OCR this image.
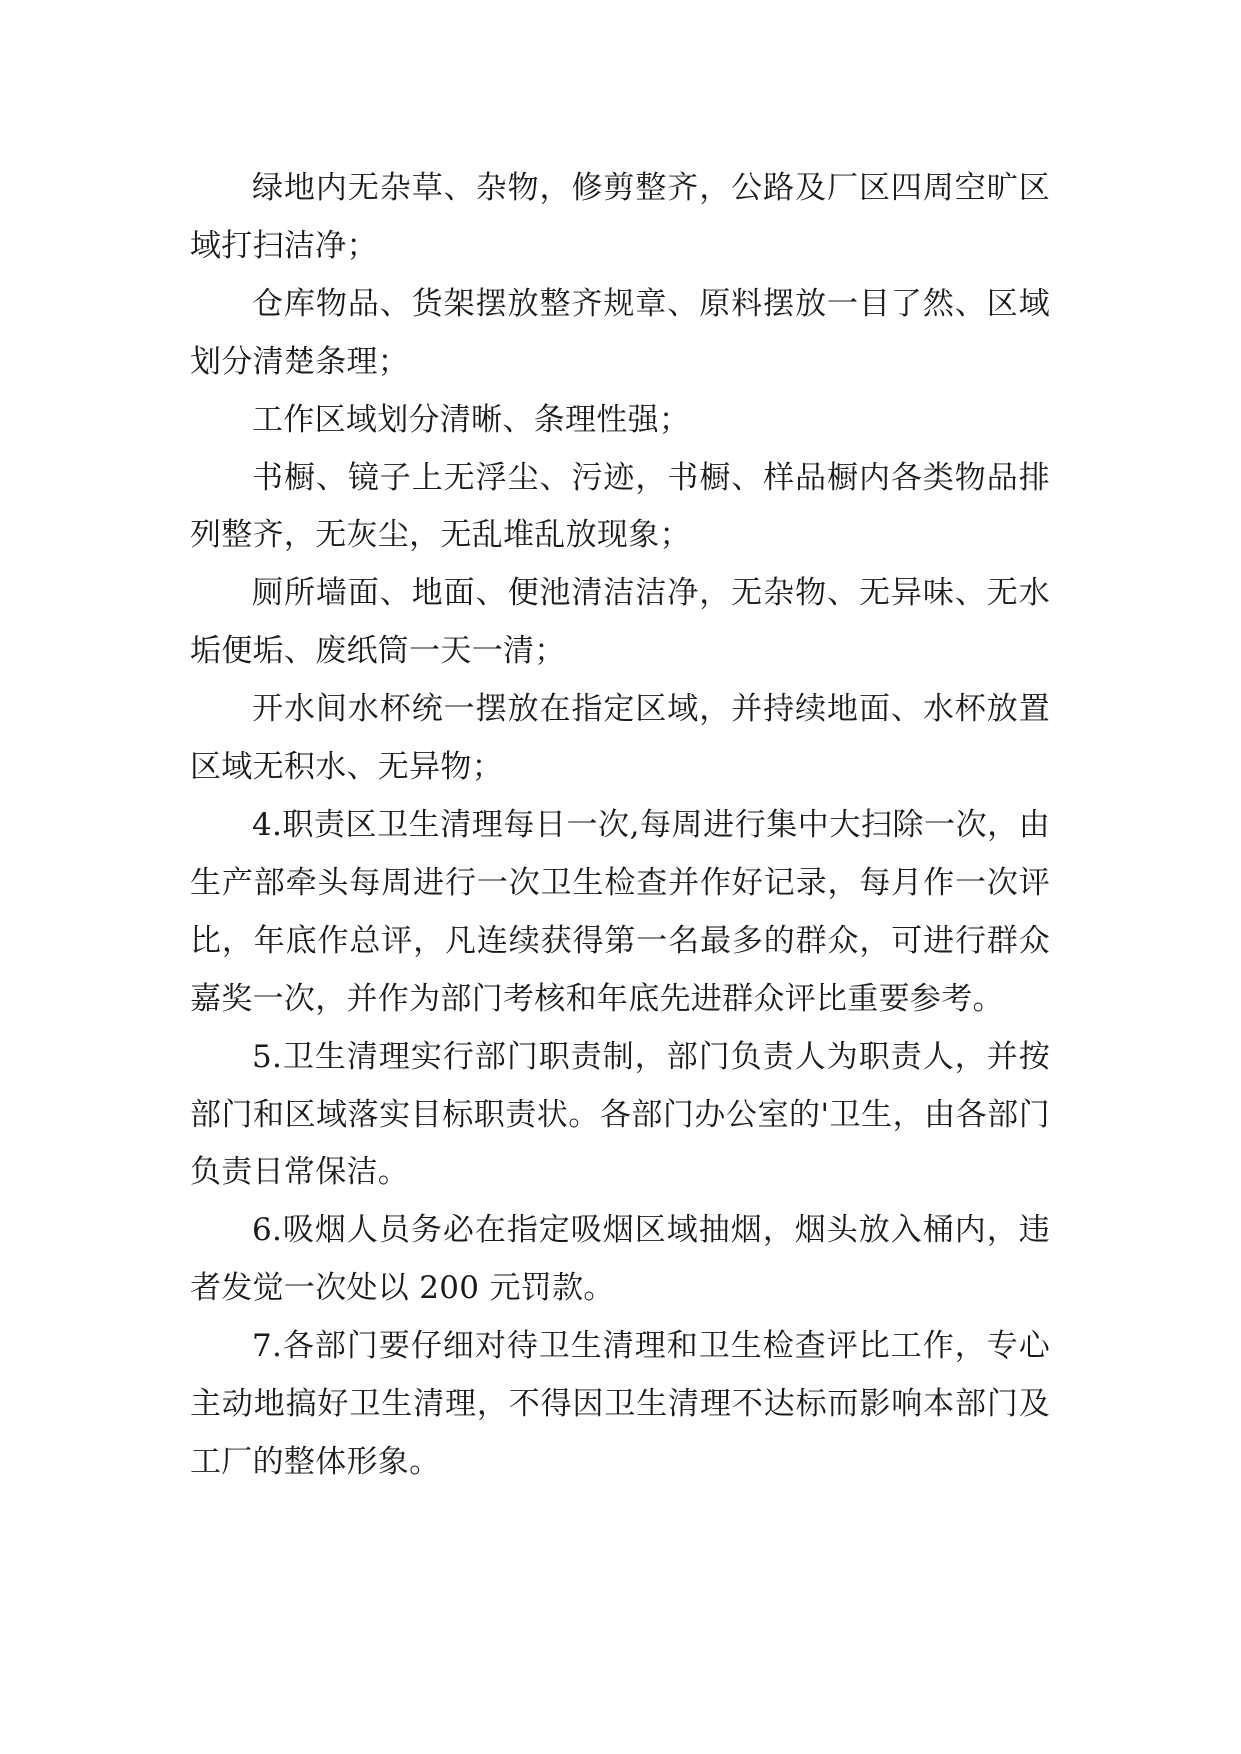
绿地内无杂草、杂物，修剪整齐，公路及厂区四周空旷区域打扫洁净；

仓库物品、货架摆放整齐规章、原料摆放一目了然、区域划分清楚条理；

工作区域划分清晰、条理性强；

书橱、镜子上无浮尘、污迹，书橱、样品橱内各类物品排列整齐，无灰尘，无乱堆乱放现象；

厕所墙面、地面、便池清洁洁净，无杂物、无异味、无水垢便垢、废纸筒一天一清；

开水间水杯统一摆放在指定区域，并持续地面、水杯放置区域无积水、无异物；

4.职责区卫生清理每日一次,每周进行集中大扫除一次，由生产部牵头每周进行一次卫生检查并作好记录，每月作一次评比，年底作总评，凡连续获得第一名最多的群众，可进行群众嘉奖一次，并作为部门考核和年底先进群众评比重要参考。

5.卫生清理实行部门职责制，部门负责人为职责人，并按部门和区域落实目标职责状。各部门办公室的'卫生，由各部门负责日常保洁。

6.吸烟人员务必在指定吸烟区域抽烟，烟头放入桶内，违者发觉一次处以 200 元罚款。

7.各部门要仔细对待卫生清理和卫生检查评比工作，专心主动地搞好卫生清理，不得因卫生清理不达标而影响本部门及工厂的整体形象。
